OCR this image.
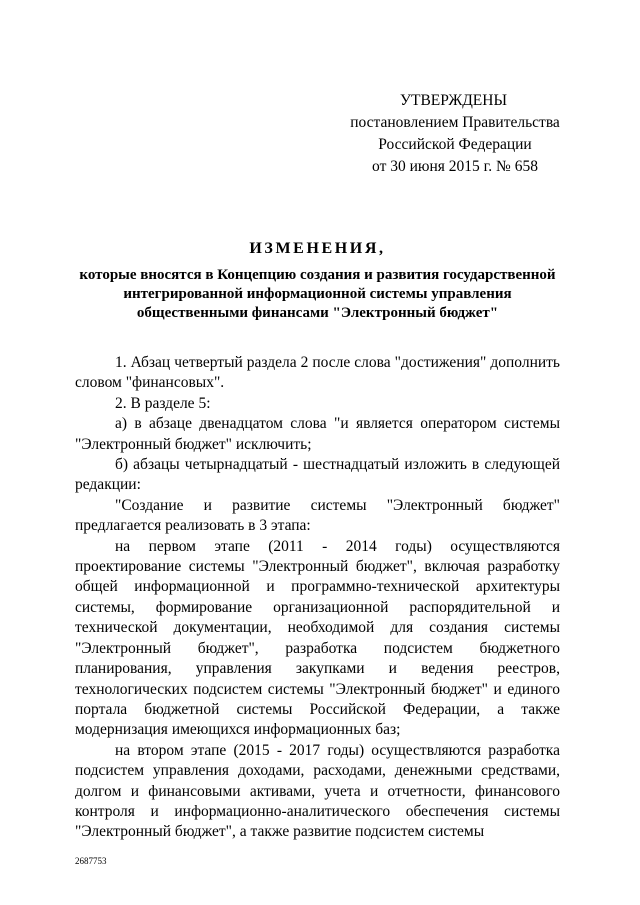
УТВЕРЖДЕНЫ
постановлением Правительства
Российской Федерации
от 30 июня 2015 г. № 658
ИЗМЕНЕНИЯ,
которые вносятся в Концепцию создания и развития государственной
интегрированной информационной системы управления
общественными финансами "Электронный бюджет"

1. Абзац четвертый раздела 2 после слова "достижения" дополнить словом "финансовых".

2. В разделе 5:

а) в абзаце двенадцатом слова "и является оператором системы "Электронный бюджет" исключить;

б) абзацы четырнадцатый - шестнадцатый изложить в следующей редакции:

"Создание и развитие системы "Электронный бюджет" предлагается реализовать в 3 этапа:

на первом этапе (2011 - 2014 годы) осуществляются проектирование системы "Электронный бюджет", включая разработку общей информационной и программно-технической архитектуры системы, формирование организационной распорядительной и технической документации, необходимой для создания системы "Электронный бюджет", разработка подсистем бюджетного планирования, управления закупками и ведения реестров, технологических подсистем системы "Электронный бюджет" и единого портала бюджетной системы Российской Федерации, а также модернизация имеющихся информационных баз;

на втором этапе (2015 - 2017 годы) осуществляются разработка подсистем управления доходами, расходами, денежными средствами, долгом и финансовыми активами, учета и отчетности, финансового контроля и информационно-аналитического обеспечения системы "Электронный бюджет", а также развитие подсистем системы

2687753
